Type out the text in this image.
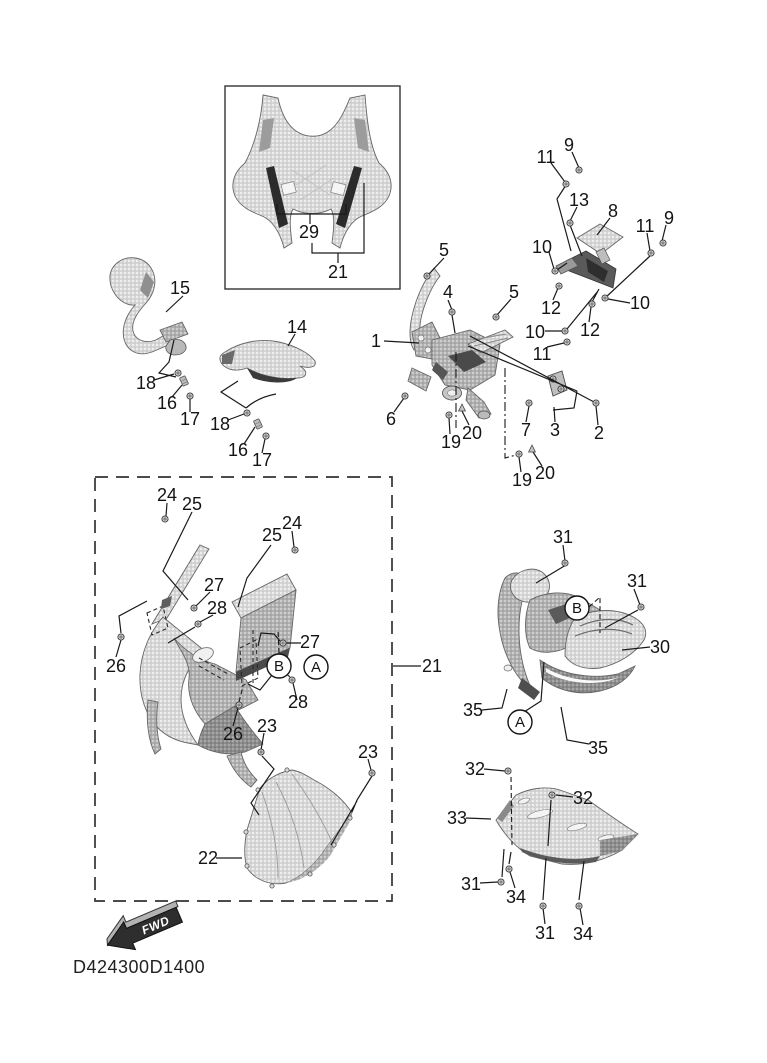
29
21
9
11
13
8
11 9
10
12	10
12
10
11
5
4	5
1
6
19 20 7 3 2
19 20
15
14
18
16
17 18
16 17
24 25
25
24
27
28
26
27
28
26 23
23
22
21
B A
31
31
30
35
35
B
A
32
32
33
31
34
31 34
FWD
D424300D1400
